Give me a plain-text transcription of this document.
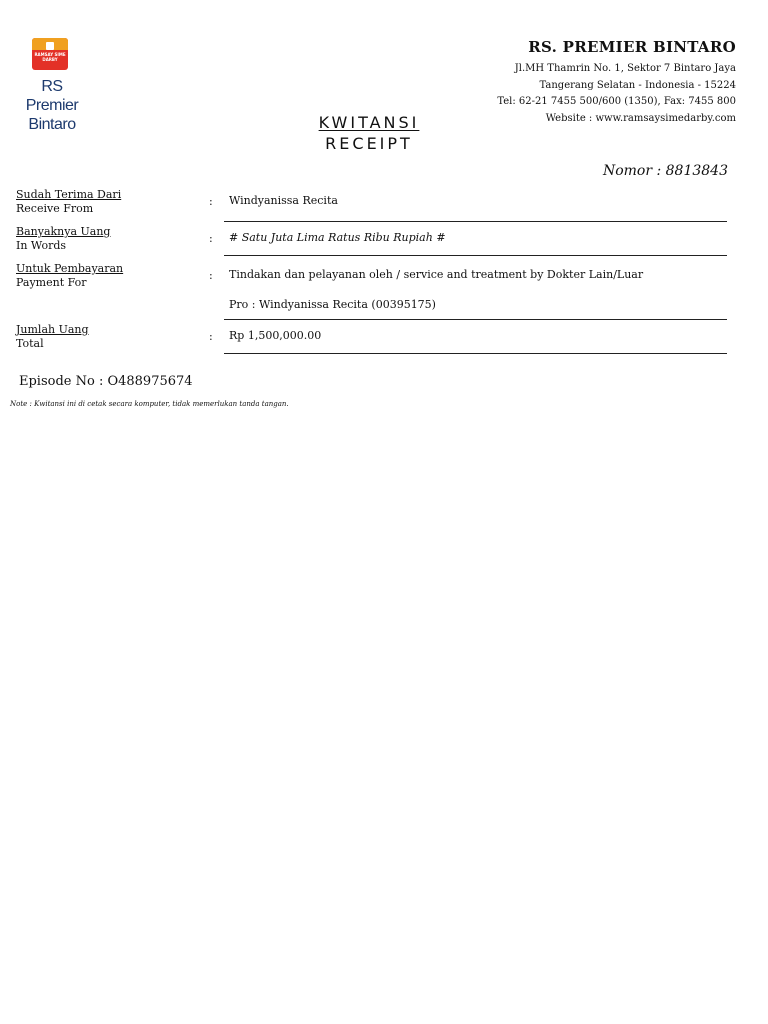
RAMSAY SIME DARBY
RS Premier
Bintaro
RS. PREMIER BINTARO
Jl.MH Thamrin No. 1, Sektor 7 Bintaro Jaya
Tangerang Selatan - Indonesia - 15224
Tel: 62-21 7455 500/600 (1350), Fax: 7455 800
Website : www.ramsaysimedarby.com
KWITANSI
RECEIPT
Nomor : 8813843
Sudah Terima Dari
Receive From	: Windyanissa Recita
Banyaknya Uang
In Words	: # Satu Juta Lima Ratus Ribu Rupiah #
Untuk Pembayaran
Payment For	: Tindakan dan pelayanan oleh / service and treatment by Dokter Lain/Luar
Pro : Windyanissa Recita (00395175)
Jumlah Uang
Total	: Rp 1,500,000.00
Episode No : O488975674
Note : Kwitansi ini di cetak secara komputer, tidak memerlukan tanda tangan.
